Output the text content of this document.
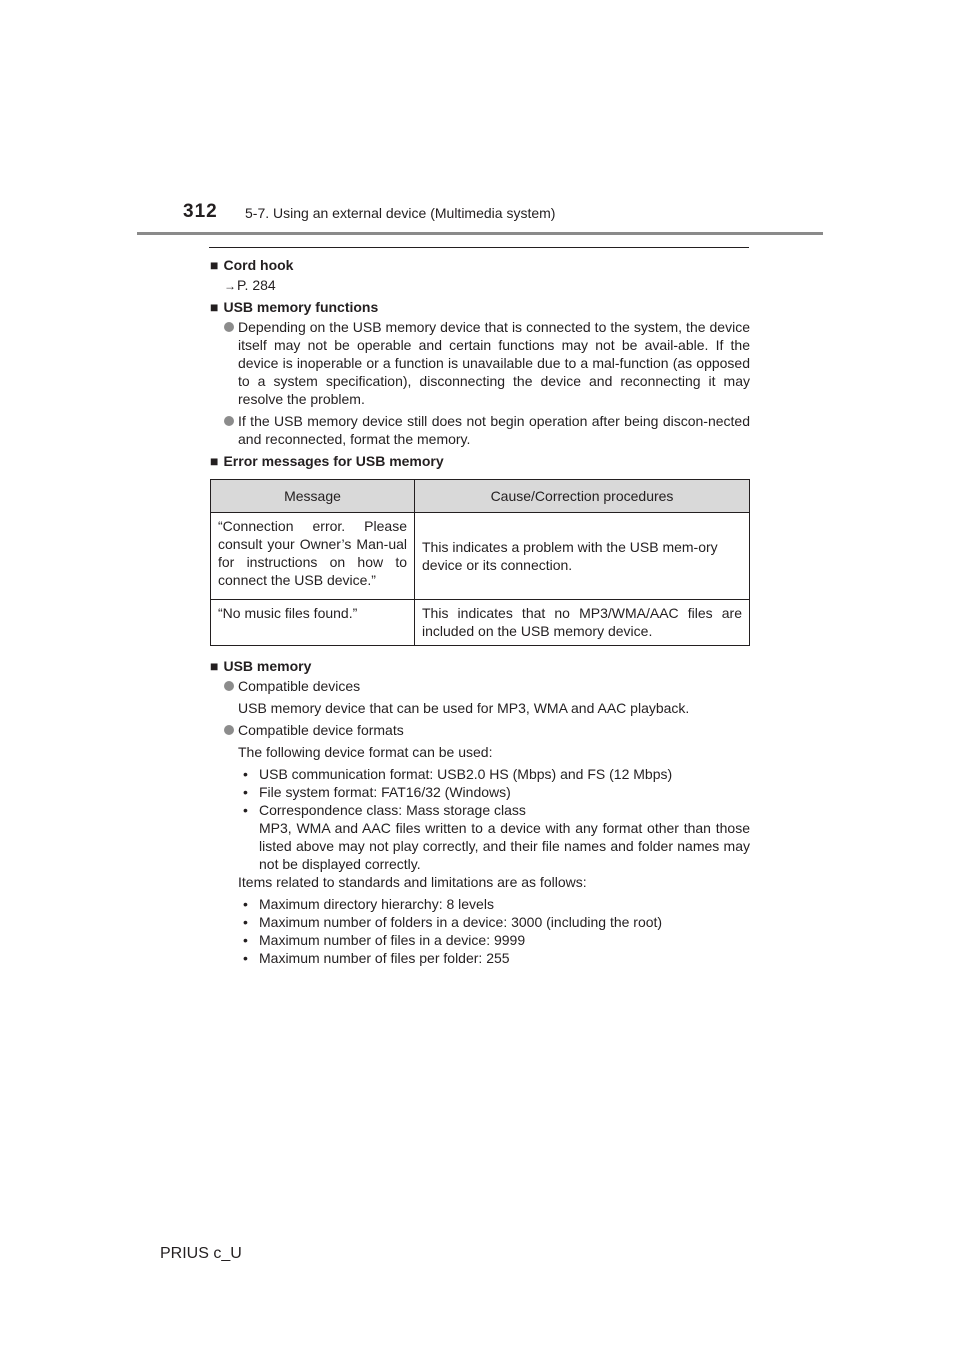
312 5-7. Using an external device (Multimedia system)

■ Cord hook

→P. 284

■ USB memory functions

Depending on the USB memory device that is connected to the system, the device itself may not be operable and certain functions may not be avail-able. If the device is inoperable or a function is unavailable due to a mal-function (as opposed to a system specification), disconnecting the device and reconnecting it may resolve the problem.

If the USB memory device still does not begin operation after being discon-nected and reconnected, format the memory.

■ Error messages for USB memory

Message	Cause/Correction procedures
“Connection error. Please consult your Owner’s Man-ual for instructions on how to connect the USB device.”	This indicates a problem with the USB mem-ory device or its connection.
“No music files found.”	This indicates that no MP3/WMA/AAC files are included on the USB memory device.

■ USB memory

Compatible devices

USB memory device that can be used for MP3, WMA and AAC playback.

Compatible device formats

The following device format can be used:

• USB communication format: USB2.0 HS (Mbps) and FS (12 Mbps)

• File system format: FAT16/32 (Windows)

• Correspondence class: Mass storage class

MP3, WMA and AAC files written to a device with any format other than those listed above may not play correctly, and their file names and folder names may not be displayed correctly.

Items related to standards and limitations are as follows:

• Maximum directory hierarchy: 8 levels

• Maximum number of folders in a device: 3000 (including the root)

• Maximum number of files in a device: 9999

• Maximum number of files per folder: 255

PRIUS c_U
